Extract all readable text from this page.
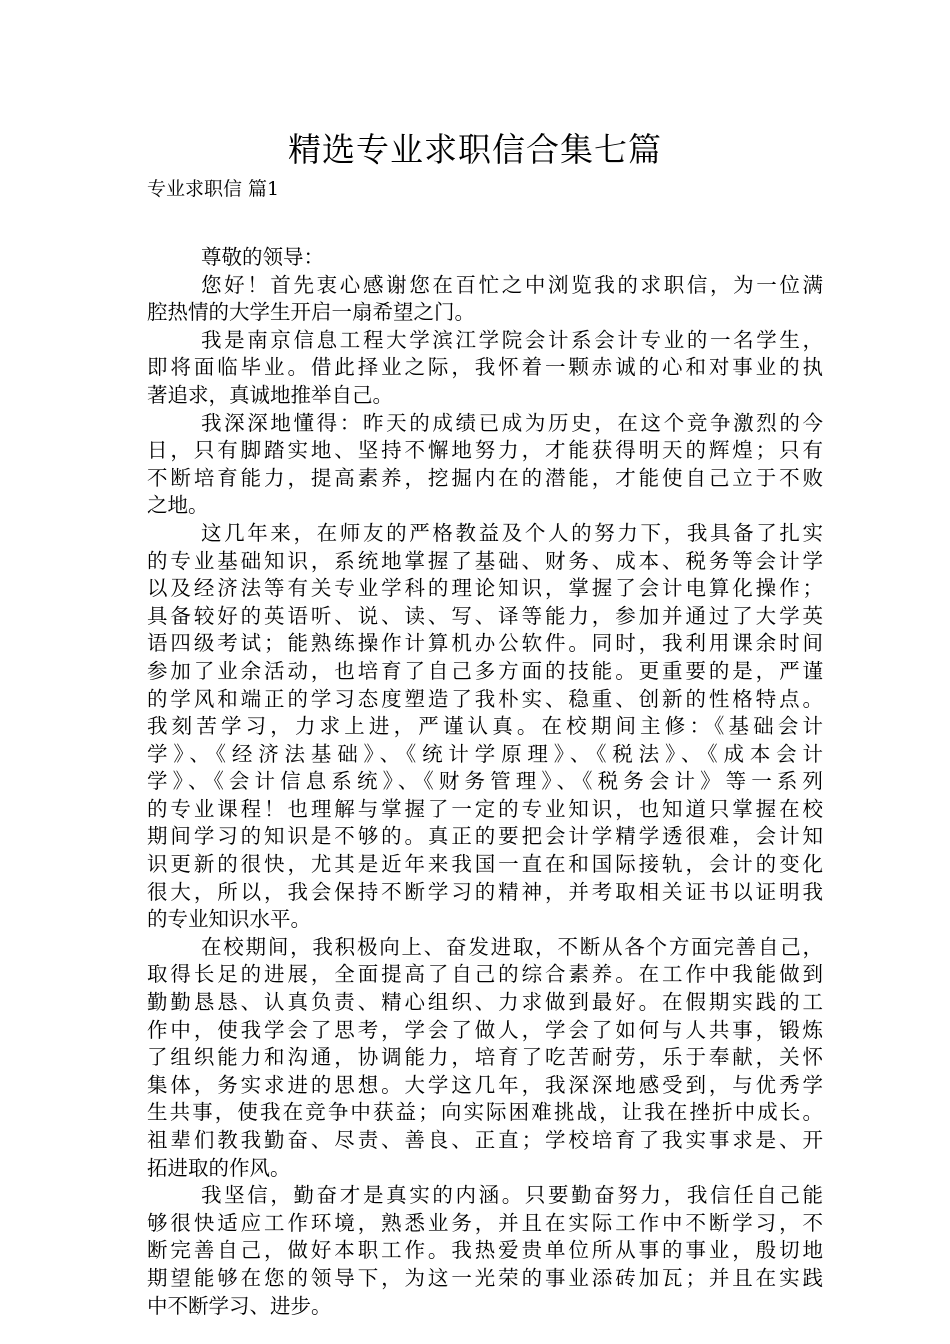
精选专业求职信合集七篇
专业求职信 篇1
尊敬的领导：
您好！首先衷心感谢您在百忙之中浏览我的求职信，为一位满
腔热情的大学生开启一扇希望之门。
我是南京信息工程大学滨江学院会计系会计专业的一名学生，
即将面临毕业。借此择业之际，我怀着一颗赤诚的心和对事业的执
著追求，真诚地推举自己。
我深深地懂得：昨天的成绩已成为历史，在这个竞争激烈的今
日，只有脚踏实地、坚持不懈地努力，才能获得明天的辉煌；只有
不断培育能力，提高素养，挖掘内在的潜能，才能使自己立于不败
之地。
这几年来，在师友的严格教益及个人的努力下，我具备了扎实
的专业基础知识，系统地掌握了基础、财务、成本、税务等会计学
以及经济法等有关专业学科的理论知识，掌握了会计电算化操作；
具备较好的英语听、说、读、写、译等能力，参加并通过了大学英
语四级考试；能熟练操作计算机办公软件。同时，我利用课余时间
参加了业余活动，也培育了自己多方面的技能。更重要的是，严谨
的学风和端正的学习态度塑造了我朴实、稳重、创新的性格特点。
我刻苦学习，力求上进，严谨认真。在校期间主修：《基础会计
学》、《经济法基础》、《统计学原理》、《税法》、《成本会计
学》、《会计信息系统》、《财务管理》、《税务会计》等一系列
的专业课程！也理解与掌握了一定的专业知识，也知道只掌握在校
期间学习的知识是不够的。真正的要把会计学精学透很难，会计知
识更新的很快，尤其是近年来我国一直在和国际接轨，会计的变化
很大，所以，我会保持不断学习的精神，并考取相关证书以证明我
的专业知识水平。
在校期间，我积极向上、奋发进取，不断从各个方面完善自己，
取得长足的进展，全面提高了自己的综合素养。在工作中我能做到
勤勤恳恳、认真负责、精心组织、力求做到最好。在假期实践的工
作中，使我学会了思考，学会了做人，学会了如何与人共事，锻炼
了组织能力和沟通，协调能力，培育了吃苦耐劳，乐于奉献，关怀
集体，务实求进的思想。大学这几年，我深深地感受到，与优秀学
生共事，使我在竞争中获益；向实际困难挑战，让我在挫折中成长。
祖辈们教我勤奋、尽责、善良、正直；学校培育了我实事求是、开
拓进取的作风。
我坚信，勤奋才是真实的内涵。只要勤奋努力，我信任自己能
够很快适应工作环境，熟悉业务，并且在实际工作中不断学习，不
断完善自己，做好本职工作。我热爱贵单位所从事的事业，殷切地
期望能够在您的领导下，为这一光荣的事业添砖加瓦；并且在实践
中不断学习、进步。
